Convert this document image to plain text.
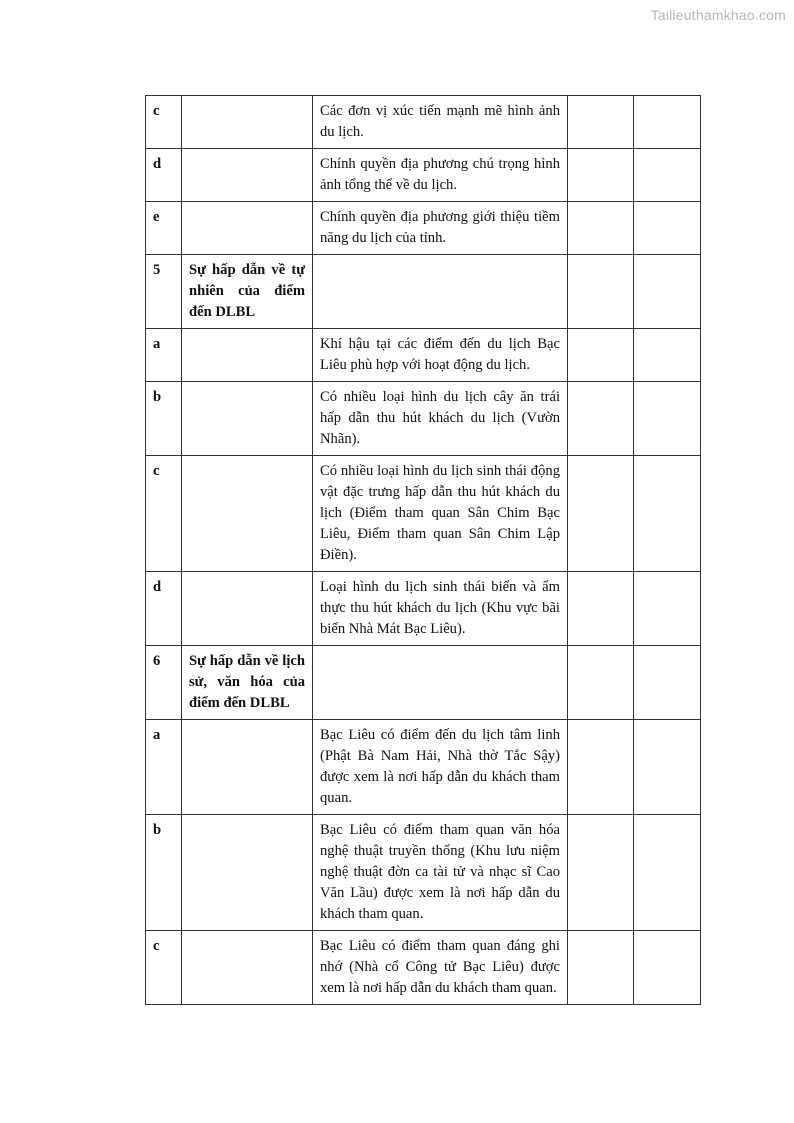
Tailieuthamkhao.com
c		Các đơn vị xúc tiến mạnh mẽ hình ảnh du lịch.		
d		Chính quyền địa phương chú trọng hình ảnh tổng thể về du lịch.		
e		Chính quyền địa phương giới thiệu tiềm năng du lịch của tỉnh.		
5	Sự hấp dẫn về tự nhiên của điểm đến DLBL			
a		Khí hậu tại các điểm đến du lịch Bạc Liêu phù hợp với hoạt động du lịch.		
b		Có nhiều loại hình du lịch cây ăn trái hấp dẫn thu hút khách du lịch (Vườn Nhãn).		
c		Có nhiều loại hình du lịch sinh thái động vật đặc trưng hấp dẫn thu hút khách du lịch (Điểm tham quan Sân Chim Bạc Liêu, Điểm tham quan Sân Chim Lập Điền).		
d		Loại hình du lịch sinh thái biển và ẩm thực thu hút khách du lịch (Khu vực bãi biển Nhà Mát Bạc Liêu).		
6	Sự hấp dẫn về lịch sử, văn hóa của điểm đến DLBL			
a		Bạc Liêu có điểm đến du lịch tâm linh (Phật Bà Nam Hải, Nhà thờ Tắc Sậy) được xem là nơi hấp dẫn du khách tham quan.		
b		Bạc Liêu có điểm tham quan văn hóa nghệ thuật truyền thống (Khu lưu niệm nghệ thuật đờn ca tài tử và nhạc sĩ Cao Văn Lầu) được xem là nơi hấp dẫn du khách tham quan.		
c		Bạc Liêu có điểm tham quan đáng ghi nhớ (Nhà cổ Công tử Bạc Liêu) được xem là nơi hấp dẫn du khách tham quan.		
